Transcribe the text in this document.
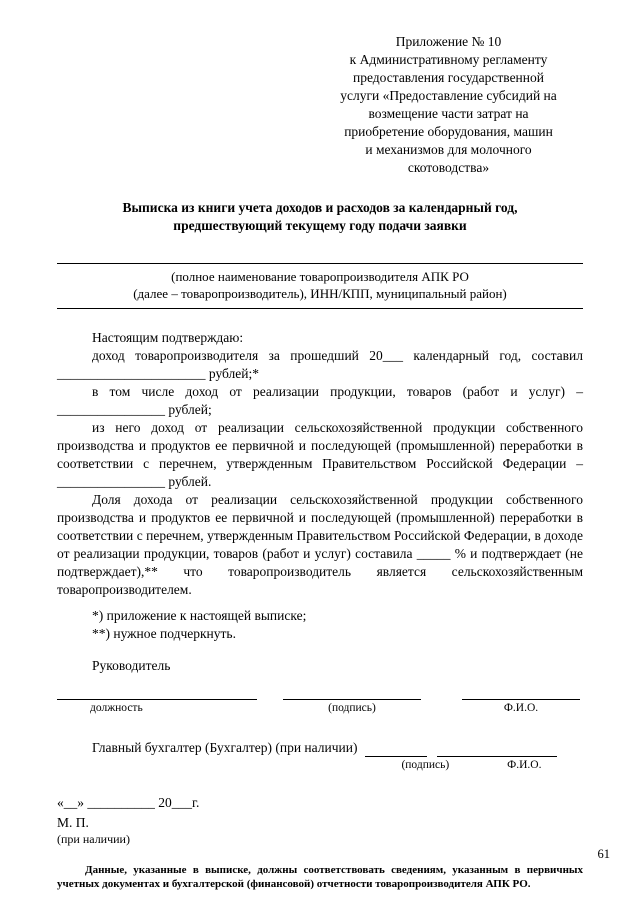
Приложение № 10
к Административному регламенту
предоставления государственной
услуги «Предоставление субсидий на
возмещение части затрат на
приобретение оборудования, машин
и механизмов для молочного
скотоводства»
Выписка из книги учета доходов и расходов за календарный год,
предшествующий текущему году подачи заявки
(полное наименование товаропроизводителя АПК РО
(далее – товаропроизводитель), ИНН/КПП, муниципальный район)

Настоящим подтверждаю:

доход товаропроизводителя за прошедший 20___ календарный год, составил ______________________ рублей;*

в том числе доход от реализации продукции, товаров (работ и услуг) – ________________ рублей;

из него доход от реализации сельскохозяйственной продукции собственного производства и продуктов ее первичной и последующей (промышленной) переработки в соответствии с перечнем, утвержденным Правительством Российской Федерации – ________________ рублей.

Доля дохода от реализации сельскохозяйственной продукции собственного производства и продуктов ее первичной и последующей (промышленной) переработки в соответствии с перечнем, утвержденным Правительством Российской Федерации, в доходе от реализации продукции, товаров (работ и услуг) составила _____ % и подтверждает (не подтверждает),** что товаропроизводитель является сельскохозяйственным товаропроизводителем.

*) приложение к настоящей выписке;
**) нужное подчеркнуть.
Руководитель
должность	(подпись)	Ф.И.О.
Главный бухгалтер (Бухгалтер) (при наличии)
(подпись)	Ф.И.О.
«__» __________ 20___г.
М. П.
(при наличии)

Данные, указанные в выписке, должны соответствовать сведениям, указанным в первичных учетных документах и бухгалтерской (финансовой) отчетности товаропроизводителя АПК РО.

61
